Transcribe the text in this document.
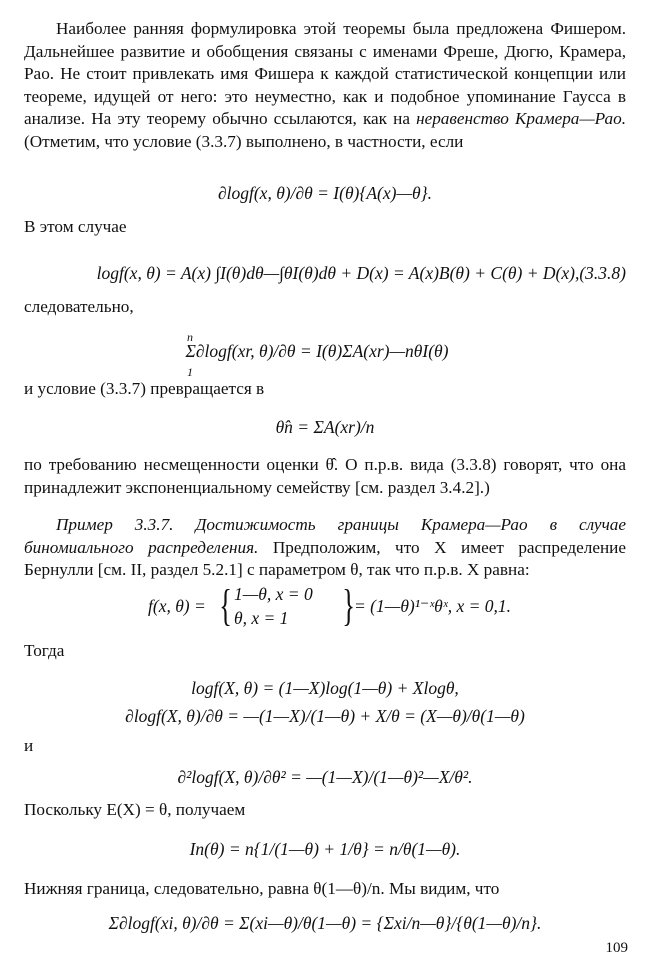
Наиболее ранняя формулировка этой теоремы была предложена Фишером. Дальнейшее развитие и обобщения связаны с именами Фреше, Дюгю, Крамера, Рао. Не стоит привлекать имя Фишера к каждой статистической концепции или теореме, идущей от него: это неуместно, как и подобное упоминание Гаусса в анализе. На эту теорему обычно ссылаются, как на неравенство Крамера—Рао. (Отметим, что условие (3.3.7) выполнено, в частности, если

∂logf(x, θ)/∂θ = I(θ){A(x)—θ}.

В этом случае

logf(x, θ) = A(x) ∫I(θ)dθ—∫θI(θ)dθ + D(x) = A(x)B(θ) + C(θ) + D(x),(3.3.8)

следовательно,

n
1
Σ∂logf(xr, θ)/∂θ = I(θ)ΣA(xr)—nθI(θ)

и условие (3.3.7) превращается в

θ̂n = ΣA(xr)/n

по требованию несмещенности оценки θ̂. О п.р.в. вида (3.3.8) говорят, что она принадлежит экспоненциальному семейству [см. раздел 3.4.2].)

Пример 3.3.7. Достижимость границы Крамера—Рао в случае биномиального распределения. Предположим, что X имеет распределение Бернулли [см. II, раздел 5.2.1] с параметром θ, так что п.р.в. X равна:

f(x, θ) = { 1—θ, x = 0
θ, x = 1 } = (1—θ)¹⁻ˣθˣ, x = 0,1.

Тогда

logf(X, θ) = (1—X)log(1—θ) + Xlogθ,
∂logf(X, θ)/∂θ = —(1—X)/(1—θ) + X/θ = (X—θ)/θ(1—θ)

и

∂²logf(X, θ)/∂θ² = —(1—X)/(1—θ)²—X/θ².

Поскольку E(X) = θ, получаем

In(θ) = n{1/(1—θ) + 1/θ} = n/θ(1—θ).

Нижняя граница, следовательно, равна θ(1—θ)/n. Мы видим, что

Σ∂logf(xi, θ)/∂θ = Σ(xi—θ)/θ(1—θ) = {Σxi/n—θ}/{θ(1—θ)/n}.
109
